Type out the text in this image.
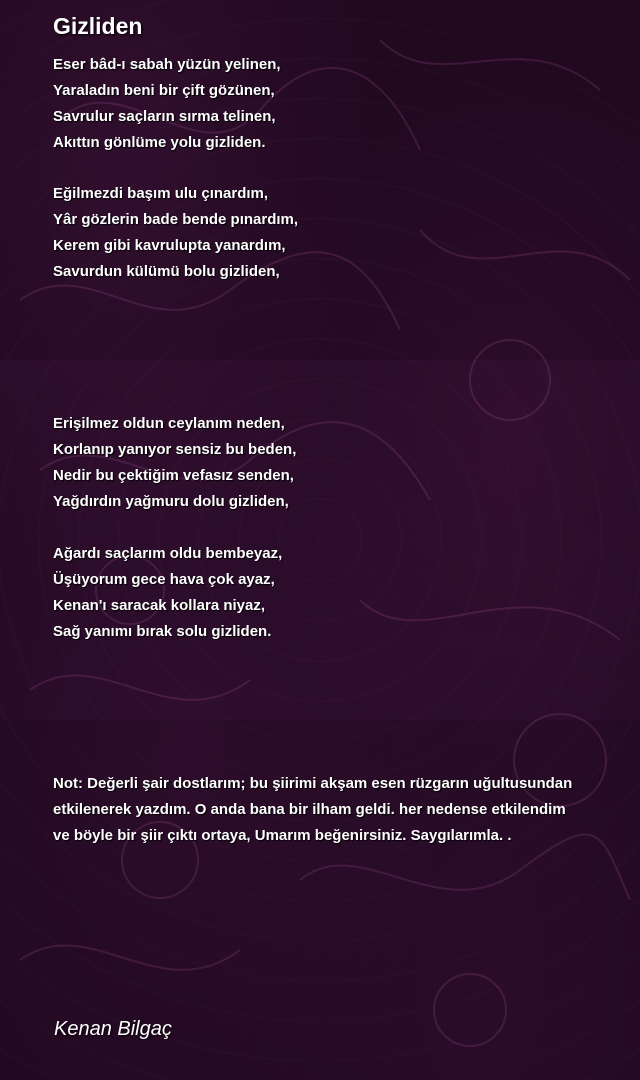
Gizliden
Eser bâd-ı sabah yüzün yelinen,
Yaraladın beni bir çift gözünen,
Savrulur saçların sırma telinen,
Akıttın gönlüme yolu gizliden.
Eğilmezdi başım ulu çınardım,
Yâr gözlerin bade bende pınardım,
Kerem gibi kavrulupta yanardım,
Savurdun külümü bolu gizliden,
Erişilmez oldun ceylanım neden,
Korlanıp yanıyor sensiz bu beden,
Nedir bu çektiğim vefasız senden,
Yağdırdın yağmuru dolu gizliden,
Ağardı saçlarım oldu bembeyaz,
Üşüyorum gece hava çok ayaz,
Kenan'ı saracak kollara niyaz,
Sağ yanımı bırak solu gizliden.

Not: Değerli şair dostlarım; bu şiirimi akşam esen rüzgarın uğultusundan
etkilenerek yazdım. O anda bana bir ilham geldi. her nedense etkilendim
ve böyle bir şiir çıktı ortaya, Umarım beğenirsiniz. Saygılarımla. .

Kenan Bilgaç
